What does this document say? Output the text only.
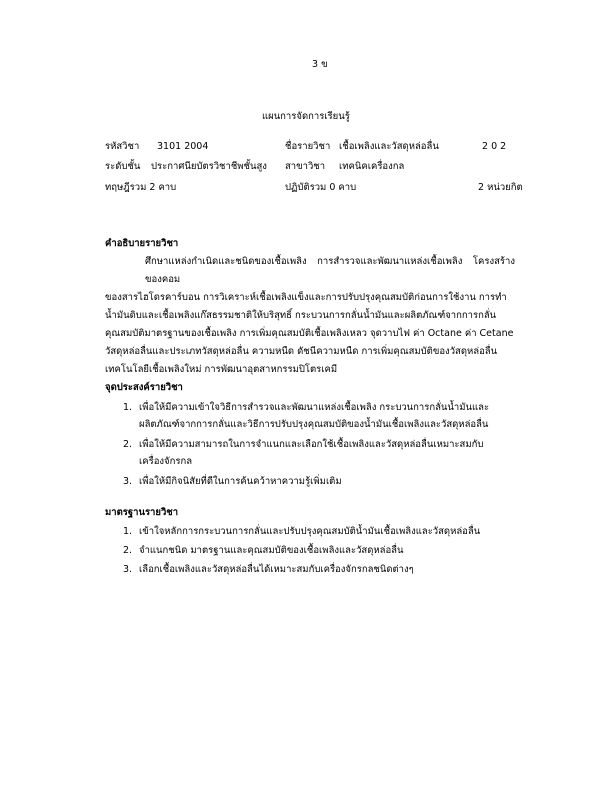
3 ข
แผนการจัดการเรียนรู้
รหัสวิชา 3101 2004	ชื่อรายวิชา เชื้อเพลิงและวัสดุหล่อลื่น	2 0 2
ระดับชั้น ประกาศนียบัตรวิชาชีพชั้นสูง สาขาวิชา เทคนิคเครื่องกล
ทฤษฎีรวม 2 คาบ	ปฏิบัติรวม 0 คาบ	2 หน่วยกิต
คำอธิบายรายวิชา

ศึกษาแหล่งกำเนิดและชนิดของเชื้อเพลิง การสำรวจและพัฒนาแหล่งเชื้อเพลิง โครงสร้างของคอม

ของสารไฮโดรคาร์บอน การวิเคราะห์เชื้อเพลิงแข็งและการปรับปรุงคุณสมบัติก่อนการใช้งาน การทำ

น้ำมันดิบและเชื้อเพลิงแก๊สธรรมชาติให้บริสุทธิ์ กระบวนการกลั่นน้ำมันและผลิตภัณฑ์จากการกลั่น

คุณสมบัติมาตรฐานของเชื้อเพลิง การเพิ่มคุณสมบัติเชื้อเพลิงเหลว จุดวาบไฟ ค่า Octane ค่า Cetane

วัสดุหล่อลื่นและประเภทวัสดุหล่อลื่น ความหนืด ดัชนีความหนืด การเพิ่มคุณสมบัติของวัสดุหล่อลื่น

เทคโนโลยีเชื้อเพลิงใหม่ การพัฒนาอุตสาหกรรมปิโตรเคมี

จุดประสงค์รายวิชา
1. เพื่อให้มีความเข้าใจวิธีการสำรวจและพัฒนาแหล่งเชื้อเพลิง กระบวนการกลั่นน้ำมันและ
ผลิตภัณฑ์จากการกลั่นและวิธีการปรับปรุงคุณสมบัติของน้ำมันเชื้อเพลิงและวัสดุหล่อลื่น
2. เพื่อให้มีความสามารถในการจำแนกและเลือกใช้เชื้อเพลิงและวัสดุหล่อลื่นเหมาะสมกับ
เครื่องจักรกล
3. เพื่อให้มีกิจนิสัยที่ดีในการค้นคว้าหาความรู้เพิ่มเติม
มาตรฐานรายวิชา
1. เข้าใจหลักการกระบวนการกลั่นและปรับปรุงคุณสมบัติน้ำมันเชื้อเพลิงและวัสดุหล่อลื่น
2. จำแนกชนิด มาตรฐานและคุณสมบัติของเชื้อเพลิงและวัสดุหล่อลื่น
3. เลือกเชื้อเพลิงและวัสดุหล่อลื่นได้เหมาะสมกับเครื่องจักรกลชนิดต่างๆ
